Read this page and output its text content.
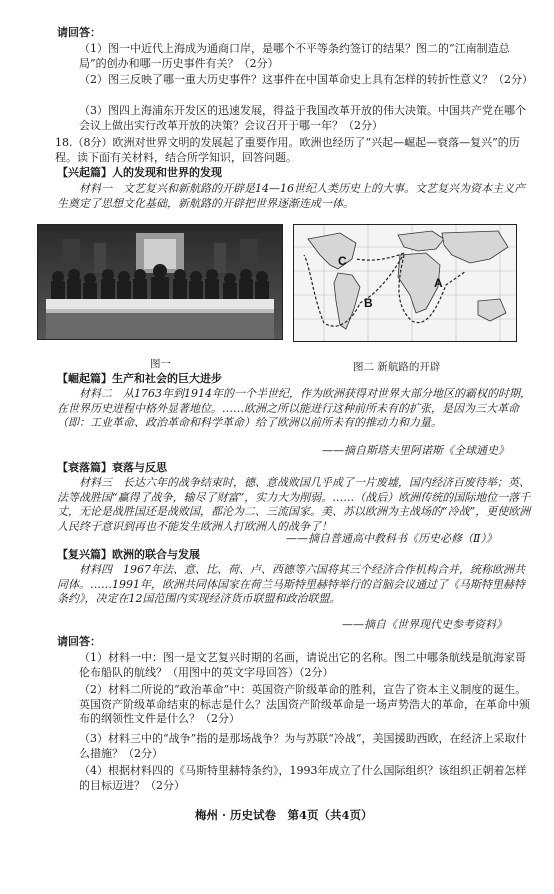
请回答：
（1）图一中近代上海成为通商口岸，是哪个不平等条约签订的结果？图二的“江南制造总局”的创办和哪一历史事件有关？（2分）
（2）图三反映了哪一重大历史事件？这事件在中国革命史上具有怎样的转折性意义？（2分）
（3）图四上海浦东开发区的迅速发展，得益于我国改革开放的伟大决策。中国共产党在哪个会议上做出实行改革开放的决策？会议召开于哪一年？（2分）
18.（8分）欧洲对世界文明的发展起了重要作用。欧洲也经历了“兴起—崛起—衰落—复兴”的历程。读下面有关材料，结合所学知识，回答问题。
【兴起篇】人的发现和世界的发现
材料一　文艺复兴和新航路的开辟是14—16世纪人类历史上的大事。文艺复兴为资本主义产生奠定了思想文化基础，新航路的开辟把世界逐渐连成一体。
C
A
B
图一	图二 新航路的开辟
【崛起篇】生产和社会的巨大进步
材料二　从1763年到1914年的一个半世纪，作为欧洲获得对世界大部分地区的霸权的时期，在世界历史进程中格外显著地位。……欧洲之所以能进行这种前所未有的扩张，是因为三大革命（即：工业革命、政治革命和科学革命）给了欧洲以前所未有的推动力和力量。
——摘自斯塔夫里阿诺斯《全球通史》
【衰落篇】衰落与反思
材料三　长达六年的战争结束时，德、意战败国几乎成了一片废墟，国内经济百废待举；英、法等战胜国“赢得了战争，输尽了财富”，实力大为削弱。……（战后）欧洲传统的国际地位一落千丈，无论是战胜国还是战败国，都沦为二、三流国家。美、苏以欧洲为主战场的“冷战”，更使欧洲人民终于意识到再也不能发生欧洲人打欧洲人的战争了！
——摘自普通高中教科书《历史必修（Ⅱ）》
【复兴篇】欧洲的联合与发展
材料四　1967年法、意、比、荷、卢、西德等六国将其三个经济合作机构合并，统称欧洲共同体。……1991年，欧洲共同体国家在荷兰马斯特里赫特举行的首脑会议通过了《马斯特里赫特条约》，决定在12国范围内实现经济货币联盟和政治联盟。
——摘自《世界现代史参考资料》
请回答：
（1）材料一中：图一是文艺复兴时期的名画，请说出它的名称。图二中哪条航线是航海家哥伦布船队的航线？（用图中的英文字母回答）（2分）
（2）材料二所说的“政治革命”中：英国资产阶级革命的胜利，宣告了资本主义制度的诞生。英国资产阶级革命结束的标志是什么？法国资产阶级革命是一场声势浩大的革命，在革命中颁布的纲领性文件是什么？（2分）
（3）材料三中的“战争”指的是那场战争？为与苏联“冷战”，美国援助西欧，在经济上采取什么措施？（2分）
（4）根据材料四的《马斯特里赫特条约》，1993年成立了什么国际组织？该组织正朝着怎样的目标迈进？（2分）
梅州 · 历史试卷　第4页（共4页）
